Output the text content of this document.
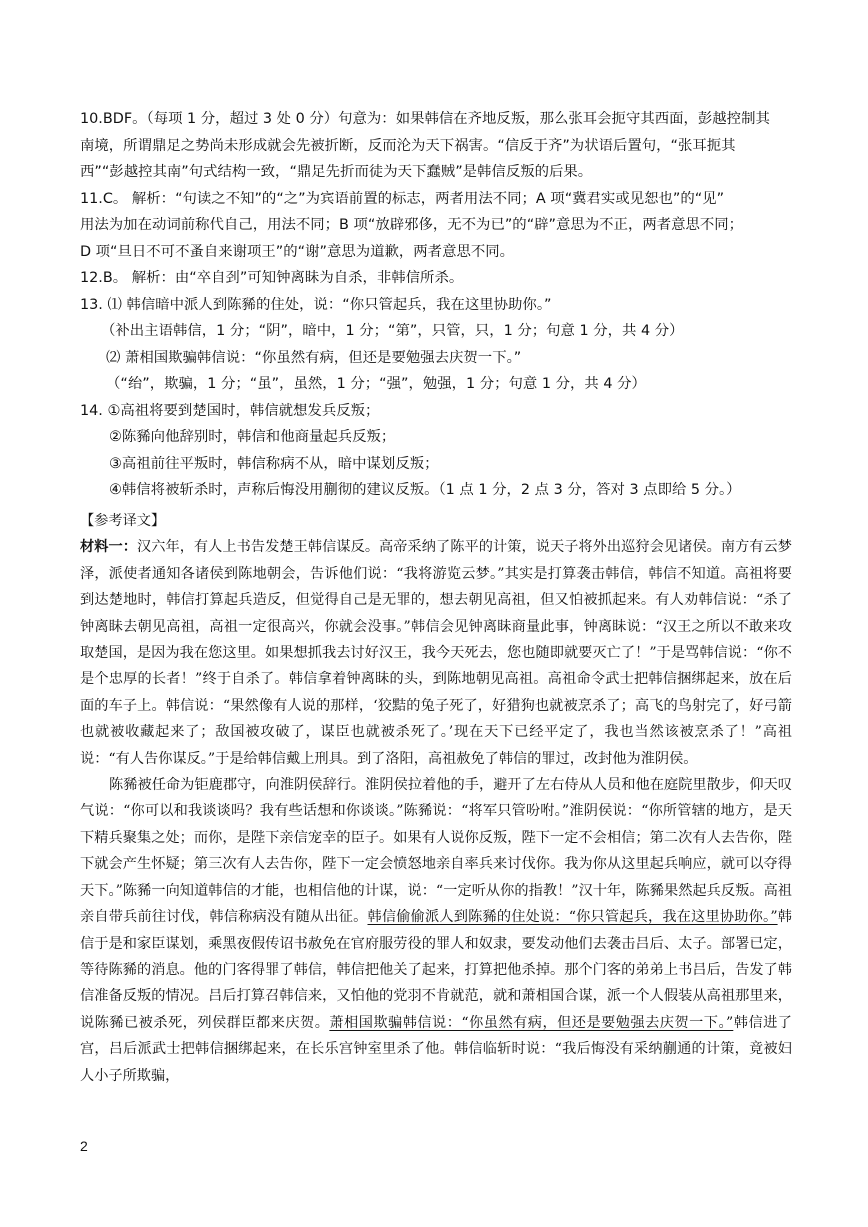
10.BDF。（每项 1 分，超过 3 处 0 分）句意为：如果韩信在齐地反叛，那么张耳会扼守其西面，彭越控制其

南境，所谓鼎足之势尚未形成就会先被折断，反而沦为天下祸害。“信反于齐”为状语后置句，“张耳扼其

西”“彭越控其南”句式结构一致，“鼎足先折而徒为天下蠢贼”是韩信反叛的后果。

11.C。 解析：“句读之不知”的“之”为宾语前置的标志，两者用法不同；A 项“冀君实或见恕也”的“见”

用法为加在动词前称代自己，用法不同；B 项“放辟邪侈，无不为已”的“辟”意思为不正，两者意思不同；

D 项“旦日不可不蚤自来谢项王”的“谢”意思为道歉，两者意思不同。

12.B。 解析：由“卒自刭”可知钟离眛为自杀，非韩信所杀。

13. ⑴ 韩信暗中派人到陈豨的住处，说：“你只管起兵，我在这里协助你。”

（补出主语韩信，1 分；“阴”，暗中，1 分；“第”，只管，只，1 分；句意 1 分，共 4 分）

⑵ 萧相国欺骗韩信说：“你虽然有病，但还是要勉强去庆贺一下。”

（“绐”，欺骗，1 分；“虽”，虽然，1 分；“强”，勉强，1 分；句意 1 分，共 4 分）

14. ①高祖将要到楚国时，韩信就想发兵反叛；

②陈豨向他辞别时，韩信和他商量起兵反叛；

③高祖前往平叛时，韩信称病不从，暗中谋划反叛；

④韩信将被斩杀时，声称后悔没用蒯彻的建议反叛。（1 点 1 分，2 点 3 分，答对 3 点即给 5 分。）

【参考译文】

材料一：汉六年，有人上书告发楚王韩信谋反。高帝采纳了陈平的计策，说天子将外出巡狩会见诸侯。南方有云梦泽，派使者通知各诸侯到陈地朝会，告诉他们说：“我将游览云梦。”其实是打算袭击韩信，韩信不知道。高祖将要到达楚地时，韩信打算起兵造反，但觉得自己是无罪的，想去朝见高祖，但又怕被抓起来。有人劝韩信说：“杀了钟离眛去朝见高祖，高祖一定很高兴，你就会没事。”韩信会见钟离眛商量此事，钟离眛说：“汉王之所以不敢来攻取楚国，是因为我在您这里。如果想抓我去讨好汉王，我今天死去，您也随即就要灭亡了！”于是骂韩信说：“你不是个忠厚的长者！”终于自杀了。韩信拿着钟离眛的头，到陈地朝见高祖。高祖命令武士把韩信捆绑起来，放在后面的车子上。韩信说：“果然像有人说的那样，‘狡黠的兔子死了，好猎狗也就被烹杀了；高飞的鸟射完了，好弓箭也就被收藏起来了；敌国被攻破了，谋臣也就被杀死了。’现在天下已经平定了，我也当然该被烹杀了！”高祖说：“有人告你谋反。”于是给韩信戴上刑具。到了洛阳，高祖赦免了韩信的罪过，改封他为淮阴侯。

陈豨被任命为钜鹿郡守，向淮阴侯辞行。淮阴侯拉着他的手，避开了左右侍从人员和他在庭院里散步，仰天叹气说：“你可以和我谈谈吗？我有些话想和你谈谈。”陈豨说：“将军只管吩咐。”淮阴侯说：“你所管辖的地方，是天下精兵聚集之处；而你，是陛下亲信宠幸的臣子。如果有人说你反叛，陛下一定不会相信；第二次有人去告你，陛下就会产生怀疑；第三次有人去告你，陛下一定会愤怒地亲自率兵来讨伐你。我为你从这里起兵响应，就可以夺得天下。”陈豨一向知道韩信的才能，也相信他的计谋，说：“一定听从你的指教！”汉十年，陈豨果然起兵反叛。高祖亲自带兵前往讨伐，韩信称病没有随从出征。韩信偷偷派人到陈豨的住处说：“你只管起兵，我在这里协助你。”韩信于是和家臣谋划，乘黑夜假传诏书赦免在官府服劳役的罪人和奴隶，要发动他们去袭击吕后、太子。部署已定，等待陈豨的消息。他的门客得罪了韩信，韩信把他关了起来，打算把他杀掉。那个门客的弟弟上书吕后，告发了韩信准备反叛的情况。吕后打算召韩信来，又怕他的党羽不肯就范，就和萧相国合谋，派一个人假装从高祖那里来，说陈豨已被杀死，列侯群臣都来庆贺。萧相国欺骗韩信说：“你虽然有病，但还是要勉强去庆贺一下。”韩信进了宫，吕后派武士把韩信捆绑起来，在长乐宫钟室里杀了他。韩信临斩时说：“我后悔没有采纳蒯通的计策，竟被妇人小子所欺骗，

2
